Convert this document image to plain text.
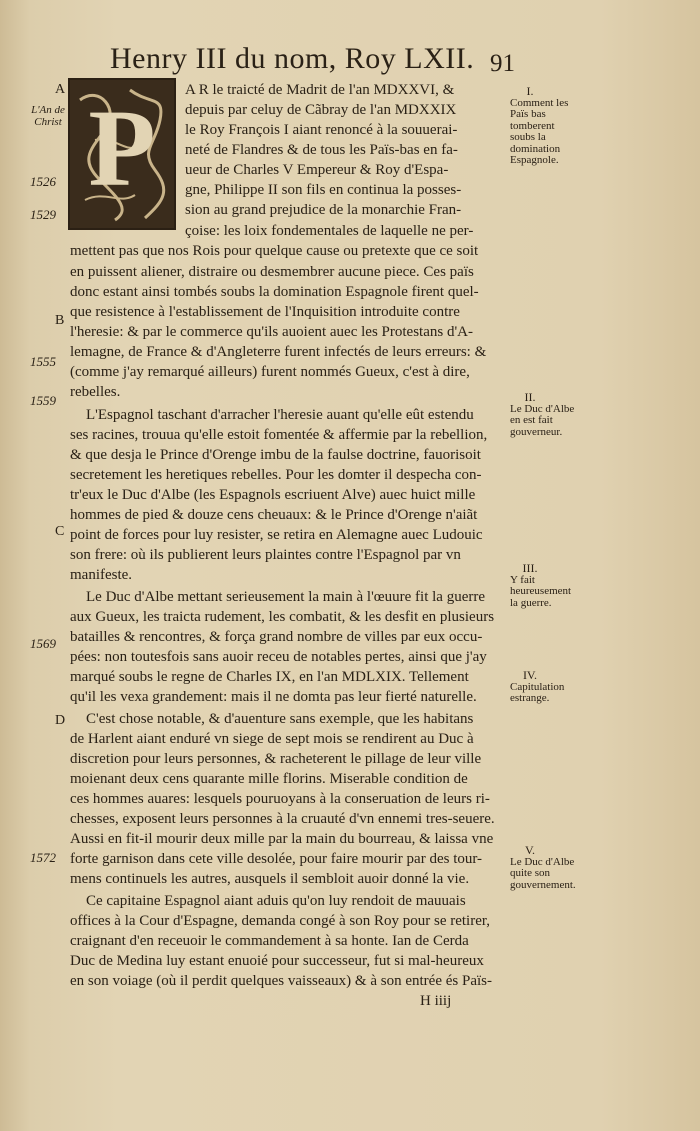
Henry III du nom, Roy LXII. 91
A
L'An de Christ
1526
1529
B
1555
1559
C
1569
D
1572
P A R le traicté de Madrit de l'an MDXXVI, &
depuis par celuy de Cãbray de l'an MDXXIX
le Roy François I aiant renoncé à la souuerai-
neté de Flandres & de tous les Païs-bas en fa-
ueur de Charles V Empereur & Roy d'Espa-
gne, Philippe II son fils en continua la posses-
sion au grand prejudice de la monarchie Fran-
çoise: les loix fondementales de laquelle ne per-
mettent pas que nos Rois pour quelque cause ou pretexte que ce soit
en puissent aliener, distraire ou desmembrer aucune piece. Ces païs
donc estant ainsi tombés soubs la domination Espagnole firent quel-
que resistence à l'establissement de l'Inquisition introduite contre
l'heresie: & par le commerce qu'ils auoient auec les Protestans d'A-
lemagne, de France & d'Angleterre furent infectés de leurs erreurs: &
(comme j'ay remarqué ailleurs) furent nommés Gueux, c'est à dire,
rebelles.
L'Espagnol taschant d'arracher l'heresie auant qu'elle eût estendu
ses racines, trouua qu'elle estoit fomentée & affermie par la rebellion,
& que desja le Prince d'Orenge imbu de la faulse doctrine, fauorisoit
secretement les heretiques rebelles. Pour les domter il despecha con-
tr'eux le Duc d'Albe (les Espagnols escriuent Alve) auec huict mille
hommes de pied & douze cens cheuaux: & le Prince d'Orenge n'aiãt
point de forces pour luy resister, se retira en Alemagne auec Ludouic
son frere: où ils publierent leurs plaintes contre l'Espagnol par vn
manifeste.
Le Duc d'Albe mettant serieusement la main à l'œuure fit la guerre
aux Gueux, les traicta rudement, les combatit, & les desfit en plusieurs
batailles & rencontres, & força grand nombre de villes par eux occu-
pées: non toutesfois sans auoir receu de notables pertes, ainsi que j'ay
marqué soubs le regne de Charles IX, en l'an MDLXIX. Tellement
qu'il les vexa grandement: mais il ne domta pas leur fierté naturelle.
C'est chose notable, & d'auenture sans exemple, que les habitans
de Harlent aiant enduré vn siege de sept mois se rendirent au Duc à
discretion pour leurs personnes, & racheterent le pillage de leur ville
moienant deux cens quarante mille florins. Miserable condition de
ces hommes auares: lesquels pouruoyans à la conseruation de leurs ri-
chesses, exposent leurs personnes à la cruauté d'vn ennemi tres-seuere.
Aussi en fit-il mourir deux mille par la main du bourreau, & laissa vne
forte garnison dans cete ville desolée, pour faire mourir par des tour-
mens continuels les autres, ausquels il sembloit auoir donné la vie.
Ce capitaine Espagnol aiant aduis qu'on luy rendoit de mauuais
offices à la Cour d'Espagne, demanda congé à son Roy pour se retirer,
craignant d'en receuoir le commandement à sa honte. Ian de Cerda
Duc de Medina luy estant enuoié pour successeur, fut si mal-heureux
en son voiage (où il perdit quelques vaisseaux) & à son entrée és Païs-
H iiij
I.
Comment les Païs bas tomberent soubs la domination Espagnole.
II.
Le Duc d'Albe en est fait gouverneur.
III.
Y fait heureusement la guerre.
IV.
Capitulation estrange.
V.
Le Duc d'Albe quite son gouvernement.
